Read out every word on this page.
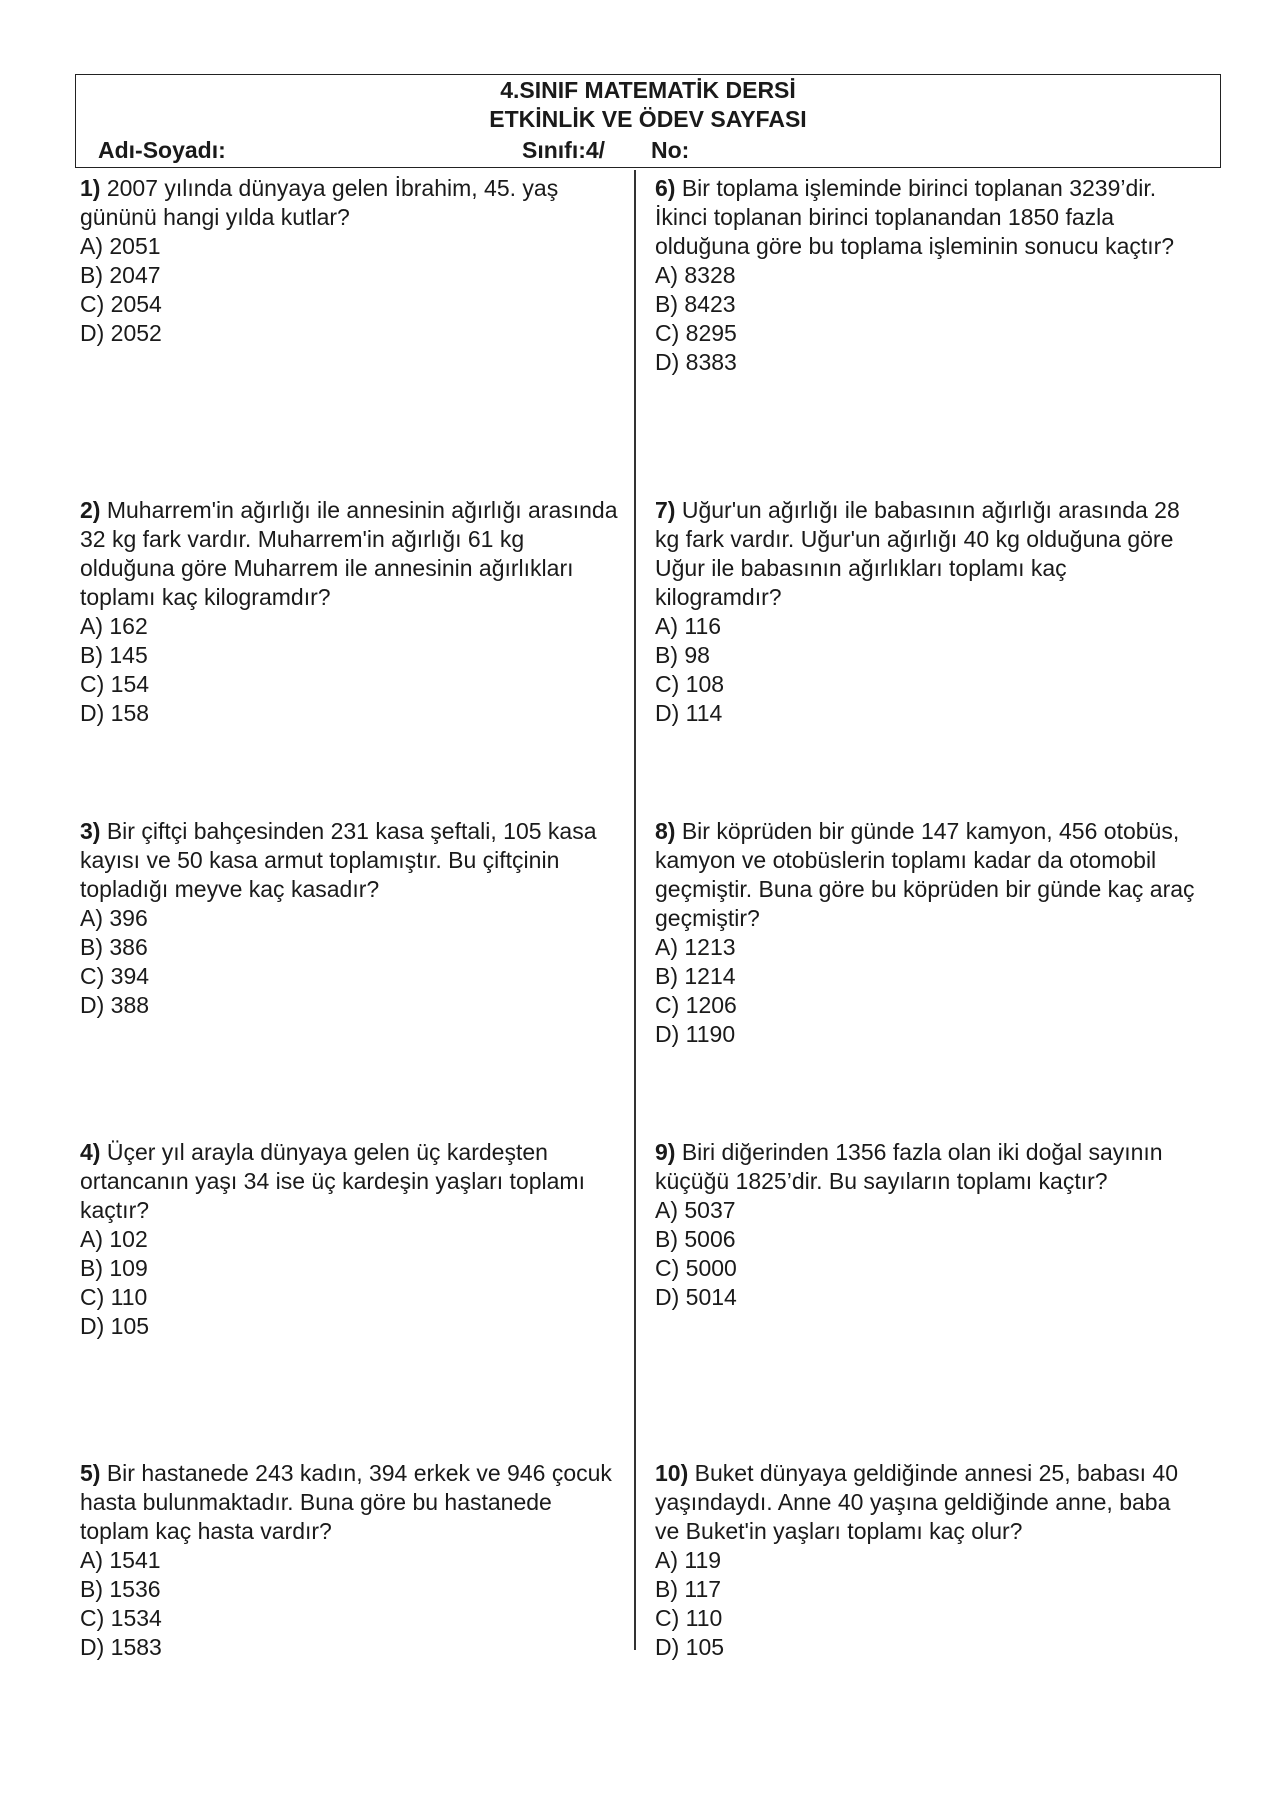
4.SINIF MATEMATİK DERSİ
ETKİNLİK VE ÖDEV SAYFASI
Adı-Soyadı:	Sınıfı:4/ No:

1) 2007 yılında dünyaya gelen İbrahim, 45. yaş gününü hangi yılda kutlar?

A) 2051
B) 2047
C) 2054
D) 2052

2) Muharrem'in ağırlığı ile annesinin ağırlığı arasında 32 kg fark vardır. Muharrem'in ağırlığı 61 kg olduğuna göre Muharrem ile annesinin ağırlıkları toplamı kaç kilogramdır?

A) 162
B) 145
C) 154
D) 158

3) Bir çiftçi bahçesinden 231 kasa şeftali, 105 kasa kayısı ve 50 kasa armut toplamıştır. Bu çiftçinin topladığı meyve kaç kasadır?

A) 396
B) 386
C) 394
D) 388

4) Üçer yıl arayla dünyaya gelen üç kardeşten ortancanın yaşı 34 ise üç kardeşin yaşları toplamı kaçtır?

A) 102
B) 109
C) 110
D) 105

5) Bir hastanede 243 kadın, 394 erkek ve 946 çocuk hasta bulunmaktadır. Buna göre bu hastanede toplam kaç hasta vardır?

A) 1541
B) 1536
C) 1534
D) 1583

6) Bir toplama işleminde birinci toplanan 3239’dir. İkinci toplanan birinci toplanandan 1850 fazla olduğuna göre bu toplama işleminin sonucu kaçtır?

A) 8328
B) 8423
C) 8295
D) 8383

7) Uğur'un ağırlığı ile babasının ağırlığı arasında 28 kg fark vardır. Uğur'un ağırlığı 40 kg olduğuna göre Uğur ile babasının ağırlıkları toplamı kaç kilogramdır?

A) 116
B) 98
C) 108
D) 114

8) Bir köprüden bir günde 147 kamyon, 456 otobüs, kamyon ve otobüslerin toplamı kadar da otomobil geçmiştir. Buna göre bu köprüden bir günde kaç araç geçmiştir?

A) 1213
B) 1214
C) 1206
D) 1190

9) Biri diğerinden 1356 fazla olan iki doğal sayının küçüğü 1825’dir. Bu sayıların toplamı kaçtır?

A) 5037
B) 5006
C) 5000
D) 5014

10) Buket dünyaya geldiğinde annesi 25, babası 40 yaşındaydı. Anne 40 yaşına geldiğinde anne, baba ve Buket'in yaşları toplamı kaç olur?

A) 119
B) 117
C) 110
D) 105
